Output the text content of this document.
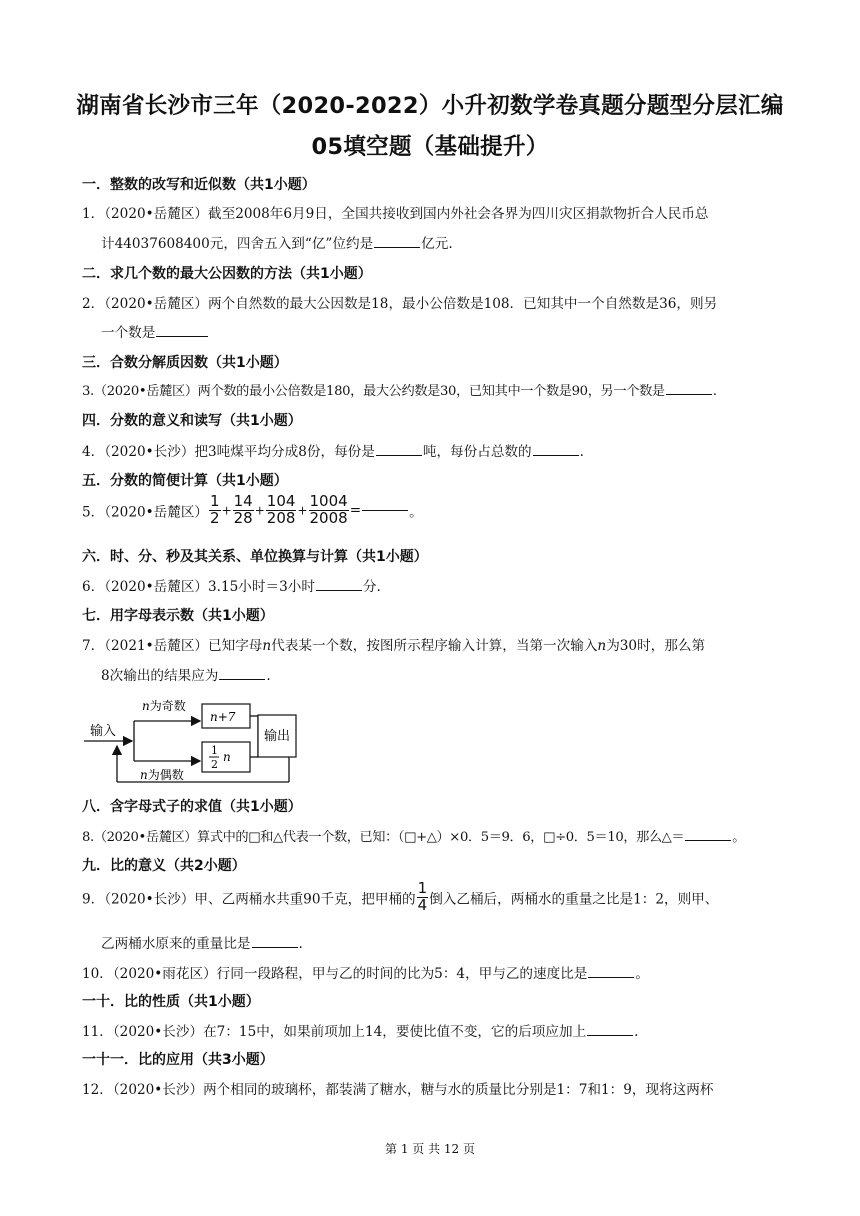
湖南省长沙市三年（2020-2022）小升初数学卷真题分题型分层汇编
05填空题（基础提升）
一．整数的改写和近似数（共1小题）
1．（2020•岳麓区）截至2008年6月9日，全国共接收到国内外社会各界为四川灾区捐款物折合人民币总
计44037608400元，四舍五入到“亿”位约是	亿元.
二．求几个数的最大公因数的方法（共1小题）
2．（2020•岳麓区）两个自然数的最大公因数是18，最小公倍数是108．已知其中一个自然数是36，则另
一个数是
三．合数分解质因数（共1小题）
3.（2020•岳麓区）两个数的最小公倍数是180，最大公约数是30，已知其中一个数是90，另一个数是	.
四．分数的意义和读写（共1小题）
4．（2020•长沙）把3吨煤平均分成8份，每份是	吨，每份占总数的	.
五．分数的简便计算（共1小题）
5．（2020•岳麓区） $\frac{1}{2} + \frac{14}{28} + \frac{104}{208} + \frac{1004}{2008}$ =	。
六．时、分、秒及其关系、单位换算与计算（共1小题）
6．（2020•岳麓区）3.15小时＝3小时	分.
七．用字母表示数（共1小题）
7．（2021•岳麓区）已知字母n代表某一个数，按图所示程序输入计算，当第一次输入n为30时，那么第
8次输出的结果应为	.
输入
n为奇数
n为偶数
n+7
1
2
n
输出
八．含字母式子的求值（共1小题）
8.（2020•岳麓区）算式中的□和△代表一个数，已知：（□+△）×0．5＝9．6，□÷0．5＝10，那么△＝	。
九．比的意义（共2小题）
9．（2020•长沙）甲、乙两桶水共重90千克，把甲桶的 $\frac{1}{4}$ 倒入乙桶后，两桶水的重量之比是1：2，则甲、
乙两桶水原来的重量比是	.
10．（2020•雨花区）行同一段路程，甲与乙的时间的比为5：4，甲与乙的速度比是	。
一十．比的性质（共1小题）
11．（2020•长沙）在7：15中，如果前项加上14，要使比值不变，它的后项应加上	.
一十一．比的应用（共3小题）
12．（2020•长沙）两个相同的玻璃杯，都装满了糖水，糖与水的质量比分别是1：7和1：9，现将这两杯
第 1 页 共 12 页
